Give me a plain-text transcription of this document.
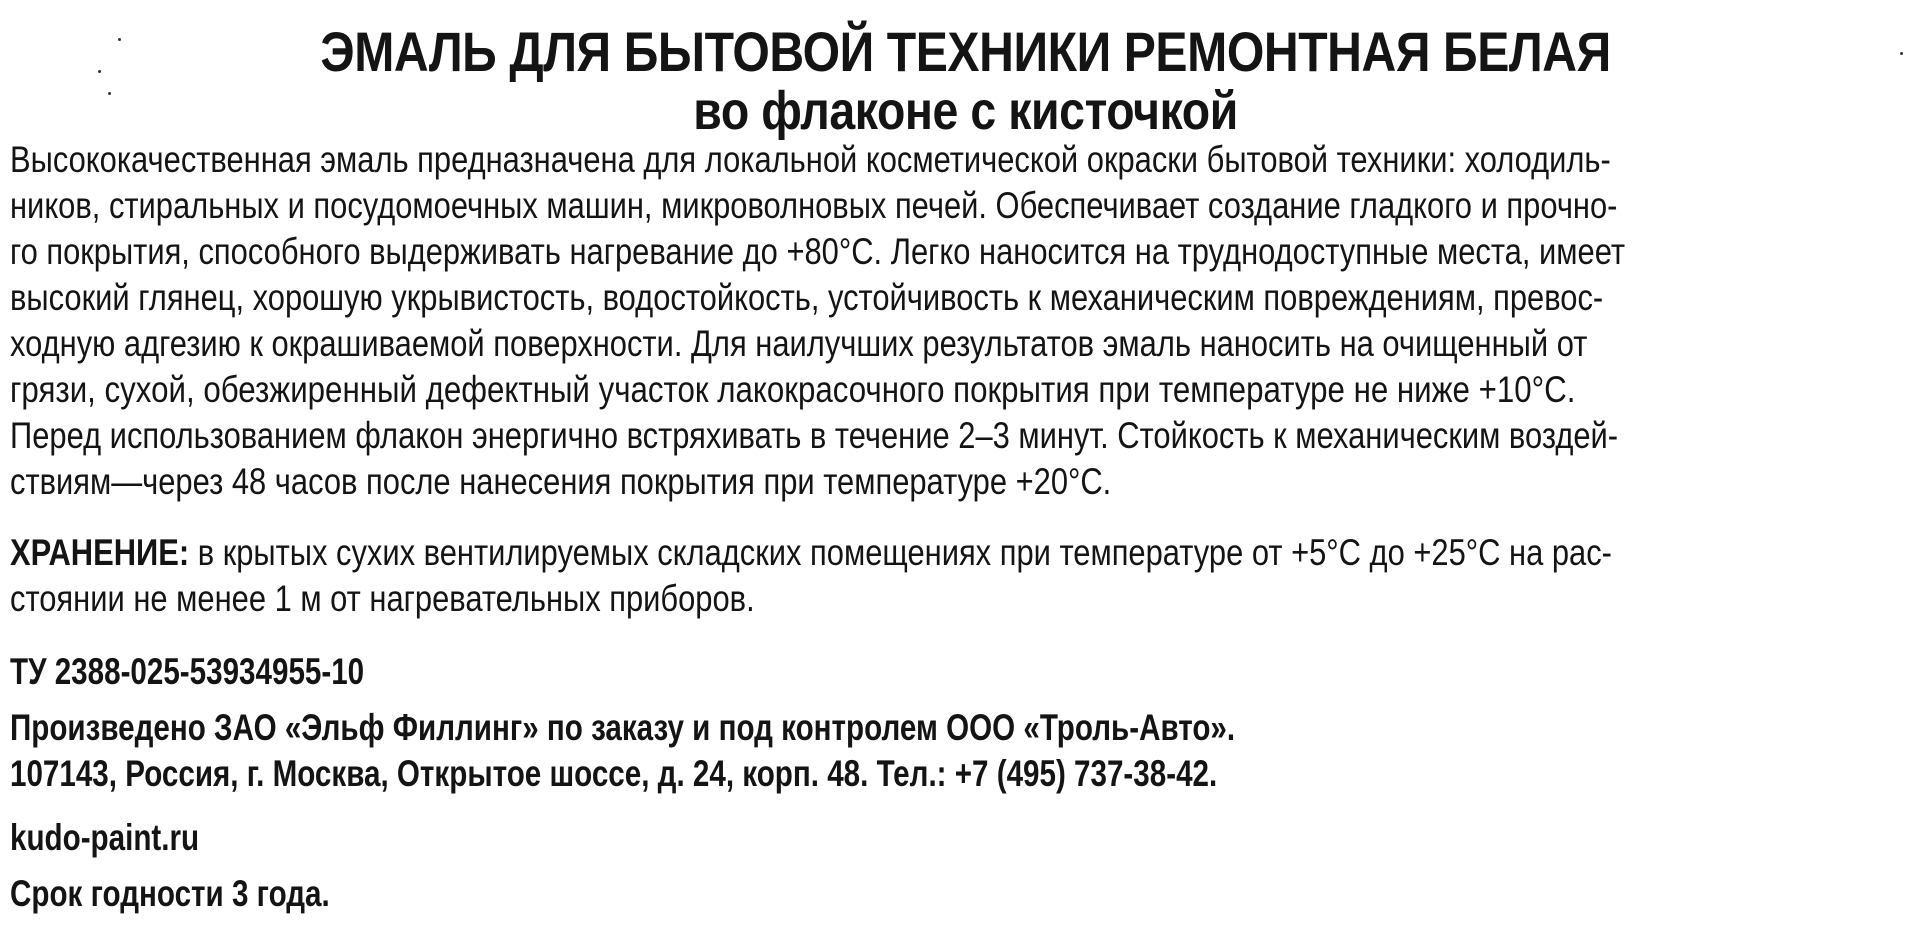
ЭМАЛЬ ДЛЯ БЫТОВОЙ ТЕХНИКИ РЕМОНТНАЯ БЕЛАЯ
во флаконе с кисточкой
Высококачественная эмаль предназначена для локальной косметической окраски бытовой техники: холодиль-
ников, стиральных и посудомоечных машин, микроволновых печей. Обеспечивает создание гладкого и прочно-
го покрытия, способного выдерживать нагревание до +80°С. Легко наносится на труднодоступные места, имеет
высокий глянец, хорошую укрывистость, водостойкость, устойчивость к механическим повреждениям, превос-
ходную адгезию к окрашиваемой поверхности. Для наилучших результатов эмаль наносить на очищенный от
грязи, сухой, обезжиренный дефектный участок лакокрасочного покрытия при температуре не ниже +10°С.
Перед использованием флакон энергично встряхивать в течение 2–3 минут. Стойкость к механическим воздей-
ствиям—через 48 часов после нанесения покрытия при температуре +20°С.
ХРАНЕНИЕ: в крытых сухих вентилируемых складских помещениях при температуре от +5°С до +25°С на рас-
стоянии не менее 1 м от нагревательных приборов.
ТУ 2388-025-53934955-10
Произведено ЗАО «Эльф Филлинг» по заказу и под контролем ООО «Троль-Авто».
107143, Россия, г. Москва, Открытое шоссе, д. 24, корп. 48. Тел.: +7 (495) 737-38-42.
kudo-paint.ru
Срок годности 3 года.
